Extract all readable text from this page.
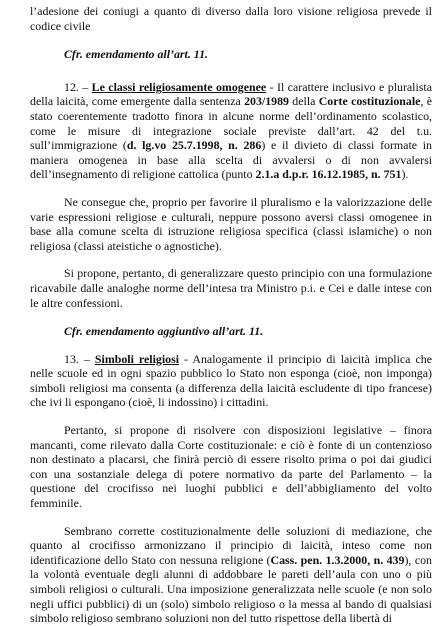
l’adesione dei coniugi a quanto di diverso dalla loro visione religiosa prevede il codice civile

Cfr. emendamento all’art. 11.

12. – Le classi religiosamente omogenee - Il carattere inclusivo e pluralista della laicità, come emergente dalla sentenza 203/1989 della Corte costituzionale, è stato coerentemente tradotto finora in alcune norme dell’ordinamento scolastico, come le misure di integrazione sociale previste dall’art. 42 del t.u. sull’immigrazione (d. lg.vo 25.7.1998, n. 286) e il divieto di classi formate in maniera omogenea in base alla scelta di avvalersi o di non avvalersi dell’insegnamento di religione cattolica (punto 2.1.a d.p.r. 16.12.1985, n. 751).

Ne consegue che, proprio per favorire il pluralismo e la valorizzazione delle varie espressioni religiose e culturali, neppure possono aversi classi omogenee in base alla comune scelta di istruzione religiosa specifica (classi islamiche) o non religiosa (classi ateistiche o agnostiche).

Si propone, pertanto, di generalizzare questo principio con una formulazione ricavabile dalle analoghe norme dell’intesa tra Ministro p.i. e Cei e dalle intese con le altre confessioni.

Cfr. emendamento aggiuntivo all’art. 11.

13. – Simboli religiosi - Analogamente il principio di laicità implica che nelle scuole ed in ogni spazio pubblico lo Stato non esponga (cioè, non imponga) simboli religiosi ma consenta (a differenza della laicità escludente di tipo francese) che ivi li espongano (cioè, li indossino) i cittadini.

Pertanto, si propone di risolvere con disposizioni legislative – finora mancanti, come rilevato dalla Corte costituzionale: e ciò è fonte di un contenzioso non destinato a placarsi, che finirà perciò di essere risolto prima o poi dai giudici con una sostanziale delega di potere normativo da parte del Parlamento – la questione del crocifisso nei luoghi pubblici e dell’abbigliamento del volto femminile.

Sembrano corrette costituzionalmente delle soluzioni di mediazione, che quanto al crocifisso armonizzano il principio di laicità, inteso come non identificazione dello Stato con nessuna religione (Cass. pen. 1.3.2000, n. 439), con la volontà eventuale degli alunni di addobbare le pareti dell’aula con uno o più simboli religiosi o culturali. Una imposizione generalizzata nelle scuole (e non solo negli uffici pubblici) di un (solo) simbolo religioso o la messa al bando di qualsiasi simbolo religioso sembrano soluzioni non del tutto rispettose della libertà di
